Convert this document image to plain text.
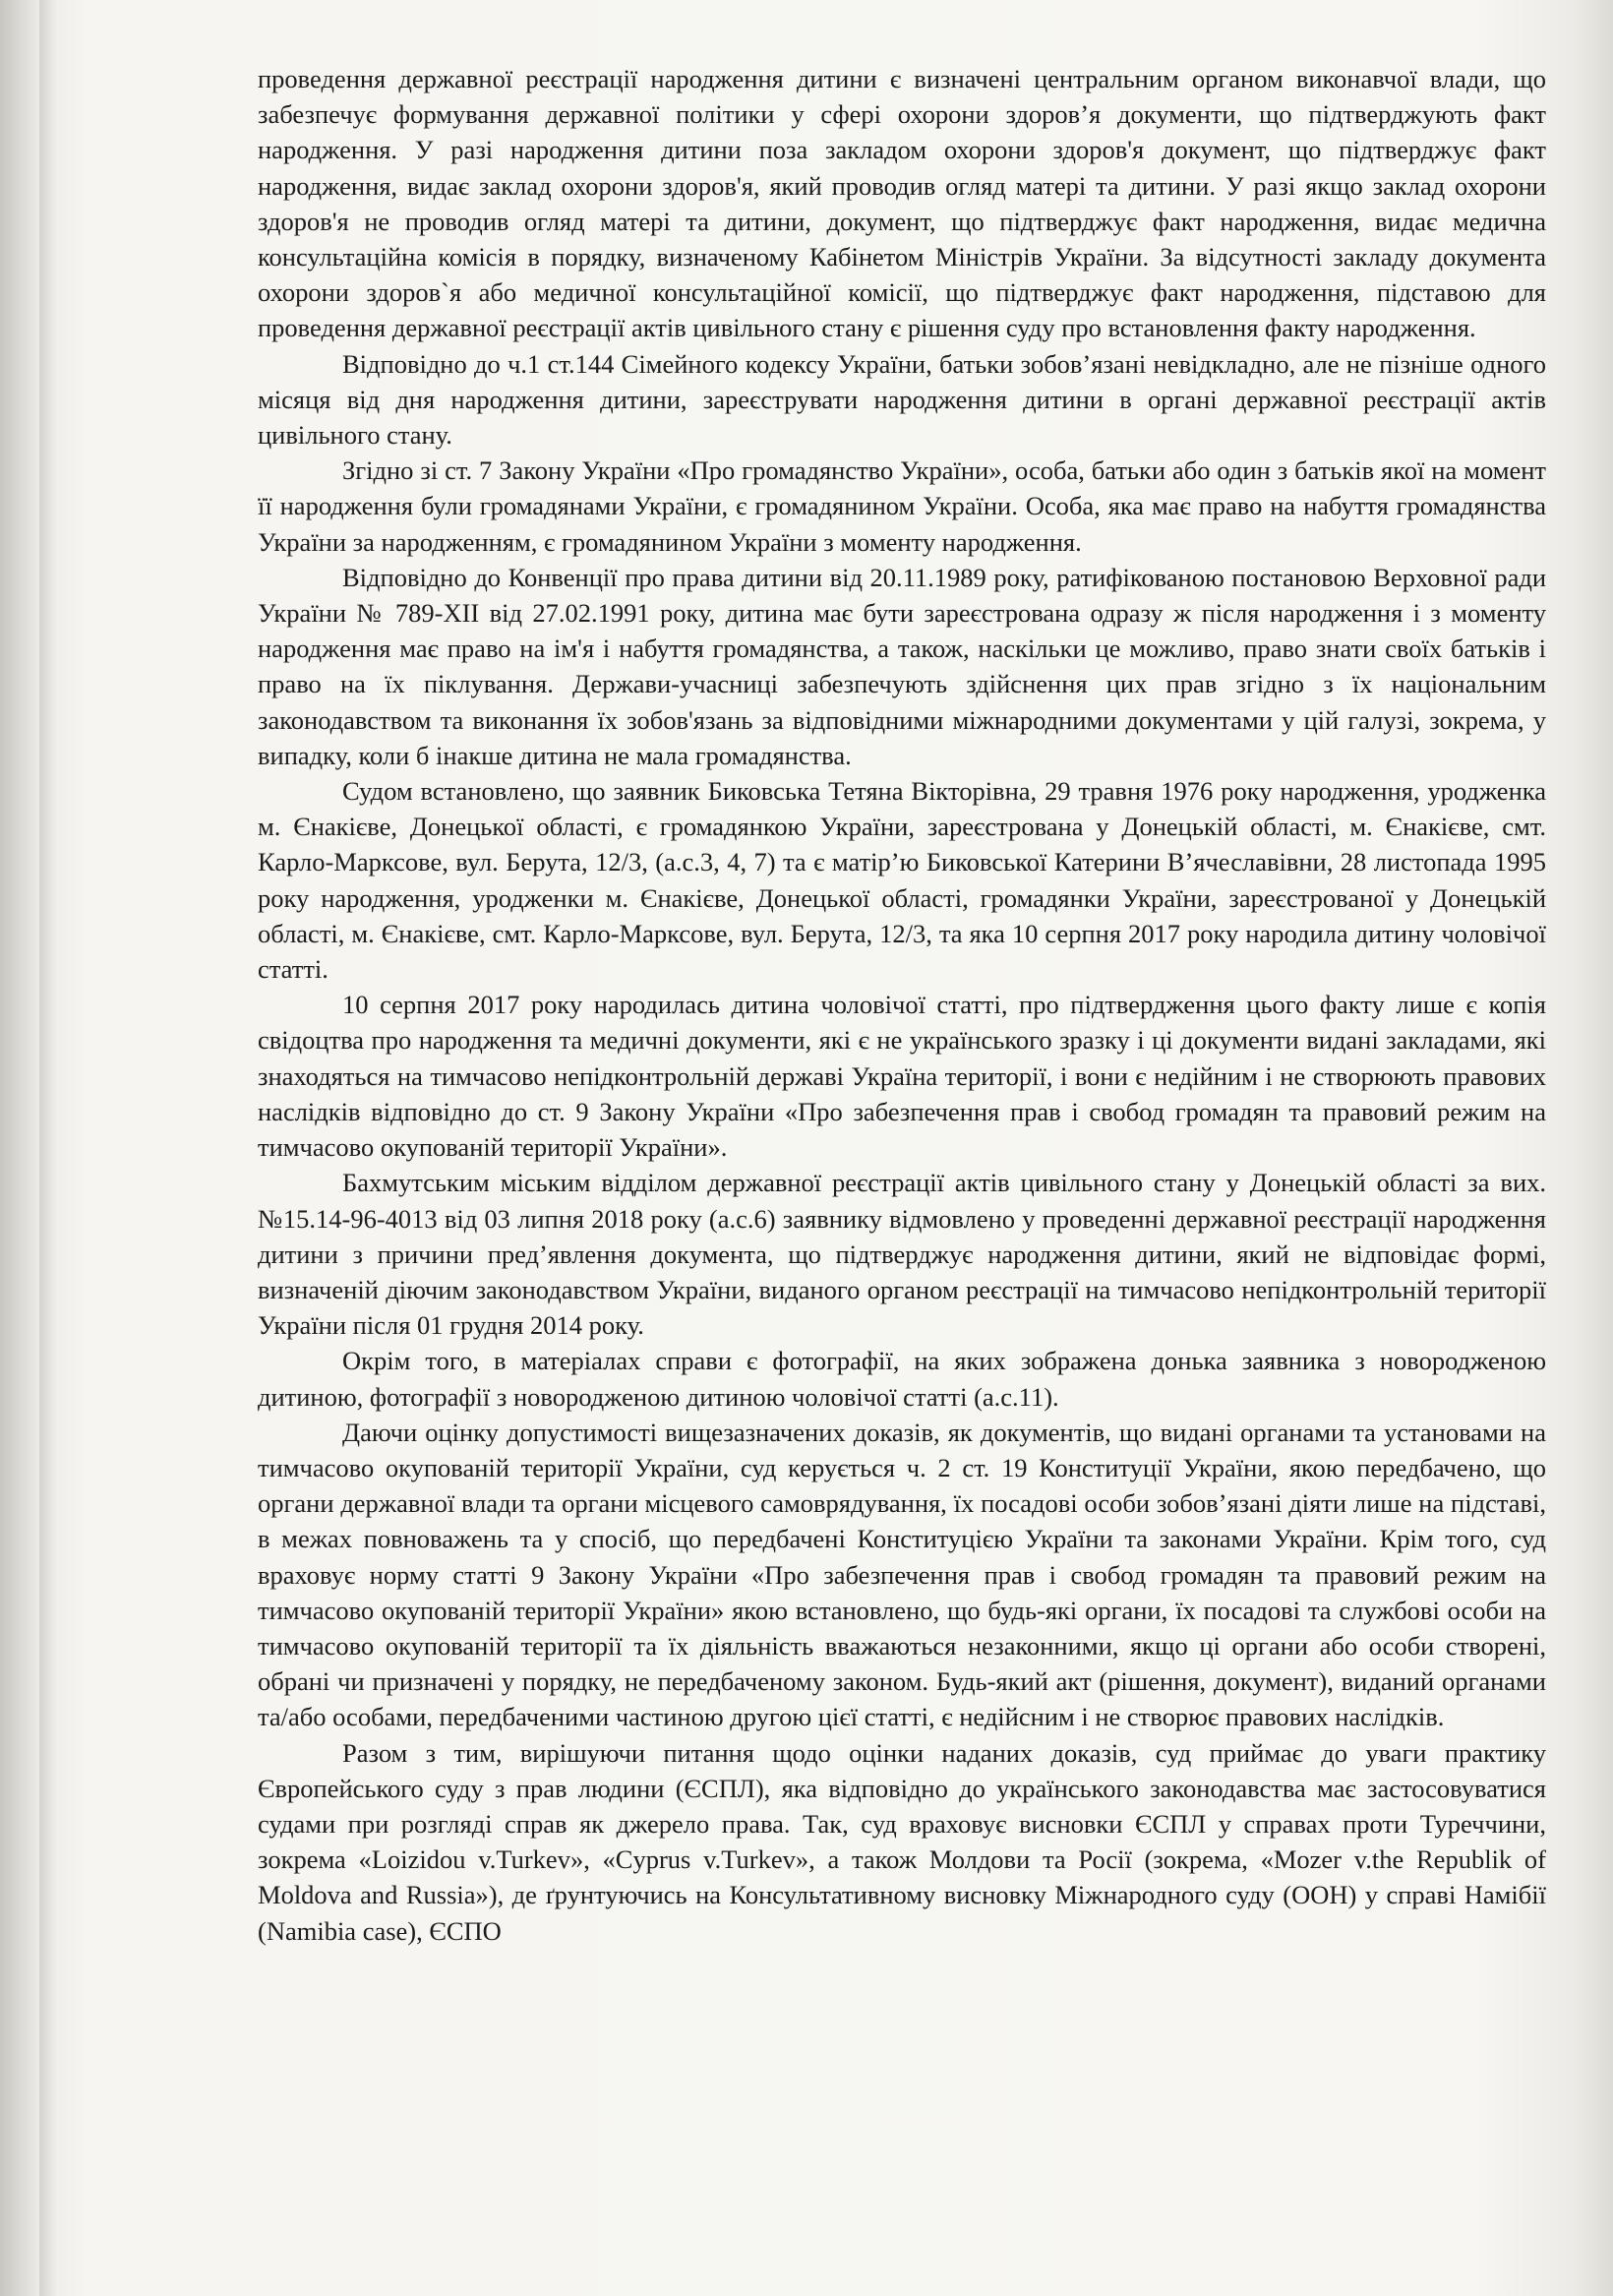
проведення державної реєстрації народження дитини є визначені центральним органом виконавчої влади, що забезпечує формування державної політики у сфері охорони здоров’я документи, що підтверджують факт народження. У разі народження дитини поза закладом охорони здоров'я документ, що підтверджує факт народження, видає заклад охорони здоров'я, який проводив огляд матері та дитини. У разі якщо заклад охорони здоров'я не проводив огляд матері та дитини, документ, що підтверджує факт народження, видає медична консультаційна комісія в порядку, визначеному Кабінетом Міністрів України. За відсутності закладу документа охорони здоров`я або медичної консультаційної комісії, що підтверджує факт народження, підставою для проведення державної реєстрації актів цивільного стану є рішення суду про встановлення факту народження.

Відповідно до ч.1 ст.144 Сімейного кодексу України, батьки зобов’язані невідкладно, але не пізніше одного місяця від дня народження дитини, зареєструвати народження дитини в органі державної реєстрації актів цивільного стану.

Згідно зі ст. 7 Закону України «Про громадянство України», особа, батьки або один з батьків якої на момент її народження були громадянами України, є громадянином України. Особа, яка має право на набуття громадянства України за народженням, є громадянином України з моменту народження.

Відповідно до Конвенції про права дитини від 20.11.1989 року, ратифікованою постановою Верховної ради України № 789-XII від 27.02.1991 року, дитина має бути зареєстрована одразу ж після народження і з моменту народження має право на ім'я і набуття громадянства, а також, наскільки це можливо, право знати своїх батьків і право на їх піклування. Держави-учасниці забезпечують здійснення цих прав згідно з їх національним законодавством та виконання їх зобов'язань за відповідними міжнародними документами у цій галузі, зокрема, у випадку, коли б інакше дитина не мала громадянства.

Судом встановлено, що заявник Биковська Тетяна Вікторівна, 29 травня 1976 року народження, уродженка м. Єнакієве, Донецької області, є громадянкою України, зареєстрована у Донецькій області, м. Єнакієве, смт. Карло-Марксове, вул. Берута, 12/3, (а.с.3, 4, 7) та є матір’ю Биковської Катерини В’ячеславівни, 28 листопада 1995 року народження, уродженки м. Єнакієве, Донецької області, громадянки України, зареєстрованої у Донецькій області, м. Єнакієве, смт. Карло-Марксове, вул. Берута, 12/3, та яка 10 серпня 2017 року народила дитину чоловічої статті.

10 серпня 2017 року народилась дитина чоловічої статті, про підтвердження цього факту лише є копія свідоцтва про народження та медичні документи, які є не українського зразку і ці документи видані закладами, які знаходяться на тимчасово непідконтрольній державі Україна території, і вони є недійним і не створюють правових наслідків відповідно до ст. 9 Закону України «Про забезпечення прав і свобод громадян та правовий режим на тимчасово окупованій території України».

Бахмутським міським відділом державної реєстрації актів цивільного стану у Донецькій області за вих. №15.14-96-4013 від 03 липня 2018 року (а.с.6) заявнику відмовлено у проведенні державної реєстрації народження дитини з причини пред’явлення документа, що підтверджує народження дитини, який не відповідає формі, визначеній діючим законодавством України, виданого органом реєстрації на тимчасово непідконтрольній території України після 01 грудня 2014 року.

Окрім того, в матеріалах справи є фотографії, на яких зображена донька заявника з новородженою дитиною, фотографії з новородженою дитиною чоловічої статті (а.с.11).

Даючи оцінку допустимості вищезазначених доказів, як документів, що видані органами та установами на тимчасово окупованій території України, суд керується ч. 2 ст. 19 Конституції України, якою передбачено, що органи державної влади та органи місцевого самоврядування, їх посадові особи зобов’язані діяти лише на підставі, в межах повноважень та у спосіб, що передбачені Конституцією України та законами України. Крім того, суд враховує норму статті 9 Закону України «Про забезпечення прав і свобод громадян та правовий режим на тимчасово окупованій території України» якою встановлено, що будь-які органи, їх посадові та службові особи на тимчасово окупованій території та їх діяльність вважаються незаконними, якщо ці органи або особи створені, обрані чи призначені у порядку, не передбаченому законом. Будь-який акт (рішення, документ), виданий органами та/або особами, передбаченими частиною другою цієї статті, є недійсним і не створює правових наслідків.

Разом з тим, вирішуючи питання щодо оцінки наданих доказів, суд приймає до уваги практику Європейського суду з прав людини (ЄСПЛ), яка відповідно до українського законодавства має застосовуватися судами при розгляді справ як джерело права. Так, суд враховує висновки ЄСПЛ у справах проти Туреччини, зокрема «Loizidou v.Turkev», «Cyprus v.Turkev», а також Молдови та Росії (зокрема, «Mozer v.the Republik of Moldova and Russia»), де ґрунтуючись на Консультативному висновку Міжнародного суду (ООН) у справі Намібії (Namibia case), ЄСПО
